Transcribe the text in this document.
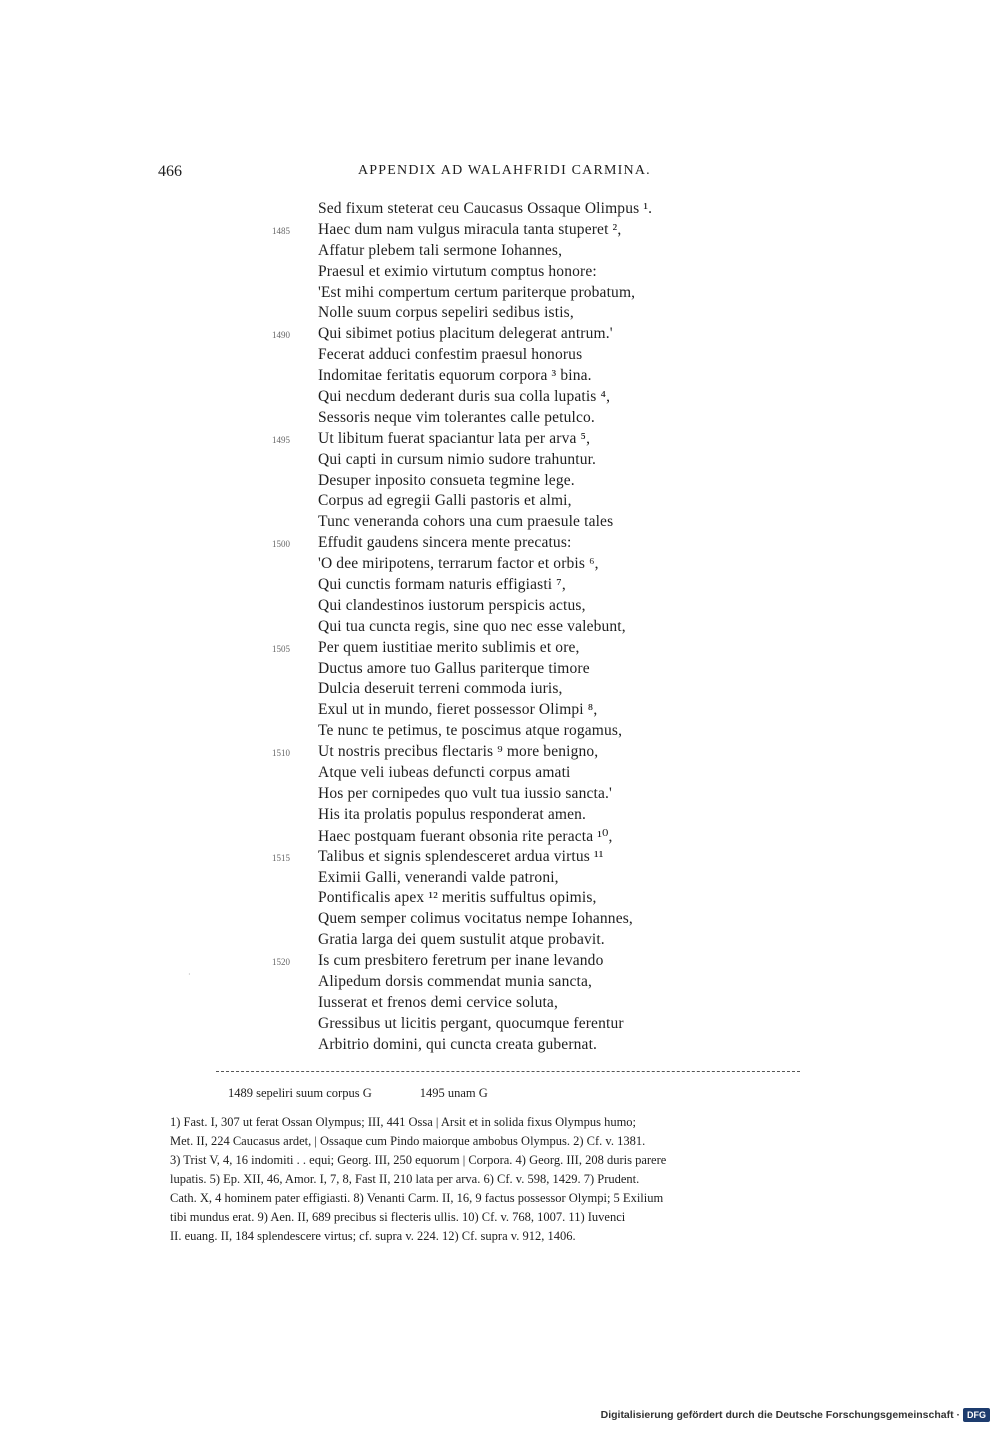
466	APPENDIX AD WALAHFRIDI CARMINA.
Sed fixum steterat ceu Caucasus Ossaque Olimpus ¹.
1485 Haec dum nam vulgus miracula tanta stuperet ²,
Affatur plebem tali sermone Iohannes,
Praesul et eximio virtutum comptus honore:
'Est mihi compertum certum pariterque probatum,
Nolle suum corpus sepeliri sedibus istis,
1490 Qui sibimet potius placitum delegerat antrum.'
Fecerat adduci confestim praesul honorus
Indomitae feritatis equorum corpora ³ bina.
Qui necdum dederant duris sua colla lupatis ⁴,
Sessoris neque vim tolerantes calle petulco.
1495 Ut libitum fuerat spaciantur lata per arva ⁵,
Qui capti in cursum nimio sudore trahuntur.
Desuper inposito consueta tegmine lege.
Corpus ad egregii Galli pastoris et almi,
Tunc veneranda cohors una cum praesule tales
1500 Effudit gaudens sincera mente precatus:
'O dee miripotens, terrarum factor et orbis ⁶,
Qui cunctis formam naturis effigiasti ⁷,
Qui clandestinos iustorum perspicis actus,
Qui tua cuncta regis, sine quo nec esse valebunt,
1505 Per quem iustitiae merito sublimis et ore,
Ductus amore tuo Gallus pariterque timore
Dulcia deseruit terreni commoda iuris,
Exul ut in mundo, fieret possessor Olimpi ⁸,
Te nunc te petimus, te poscimus atque rogamus,
1510 Ut nostris precibus flectaris ⁹ more benigno,
Atque veli iubeas defuncti corpus amati
Hos per cornipedes quo vult tua iussio sancta.'
His ita prolatis populus responderat amen.
Haec postquam fuerant obsonia rite peracta ¹⁰,
1515 Talibus et signis splendesceret ardua virtus ¹¹
Eximii Galli, venerandi valde patroni,
Pontificalis apex ¹² meritis suffultus opimis,
Quem semper colimus vocitatus nempe Iohannes,
Gratia larga dei quem sustulit atque probavit.
1520 Is cum presbitero feretrum per inane levando
Alipedum dorsis commendat munia sancta,
Iusserat et frenos demi cervice soluta,
Gressibus ut licitis pergant, quocumque ferentur
Arbitrio domini, qui cuncta creata gubernat.
·
1489 sepeliri suum corpus G	1495 unam G
1) Fast. I, 307 ut ferat Ossan Olympus; III, 441 Ossa | Arsit et in solida fixus Olympus humo;
Met. II, 224 Caucasus ardet, | Ossaque cum Pindo maiorque ambobus Olympus. 2) Cf. v. 1381.
3) Trist V, 4, 16 indomiti . . equi; Georg. III, 250 equorum | Corpora. 4) Georg. III, 208 duris parere
lupatis. 5) Ep. XII, 46, Amor. I, 7, 8, Fast II, 210 lata per arva. 6) Cf. v. 598, 1429. 7) Prudent.
Cath. X, 4 hominem pater effigiasti. 8) Venanti Carm. II, 16, 9 factus possessor Olympi; 5 Exilium
tibi mundus erat. 9) Aen. II, 689 precibus si flecteris ullis. 10) Cf. v. 768, 1007. 11) Iuvenci
II. euang. II, 184 splendescere virtus; cf. supra v. 224. 12) Cf. supra v. 912, 1406.
Digitalisierung gefördert durch die Deutsche Forschungsgemeinschaft · DFG
